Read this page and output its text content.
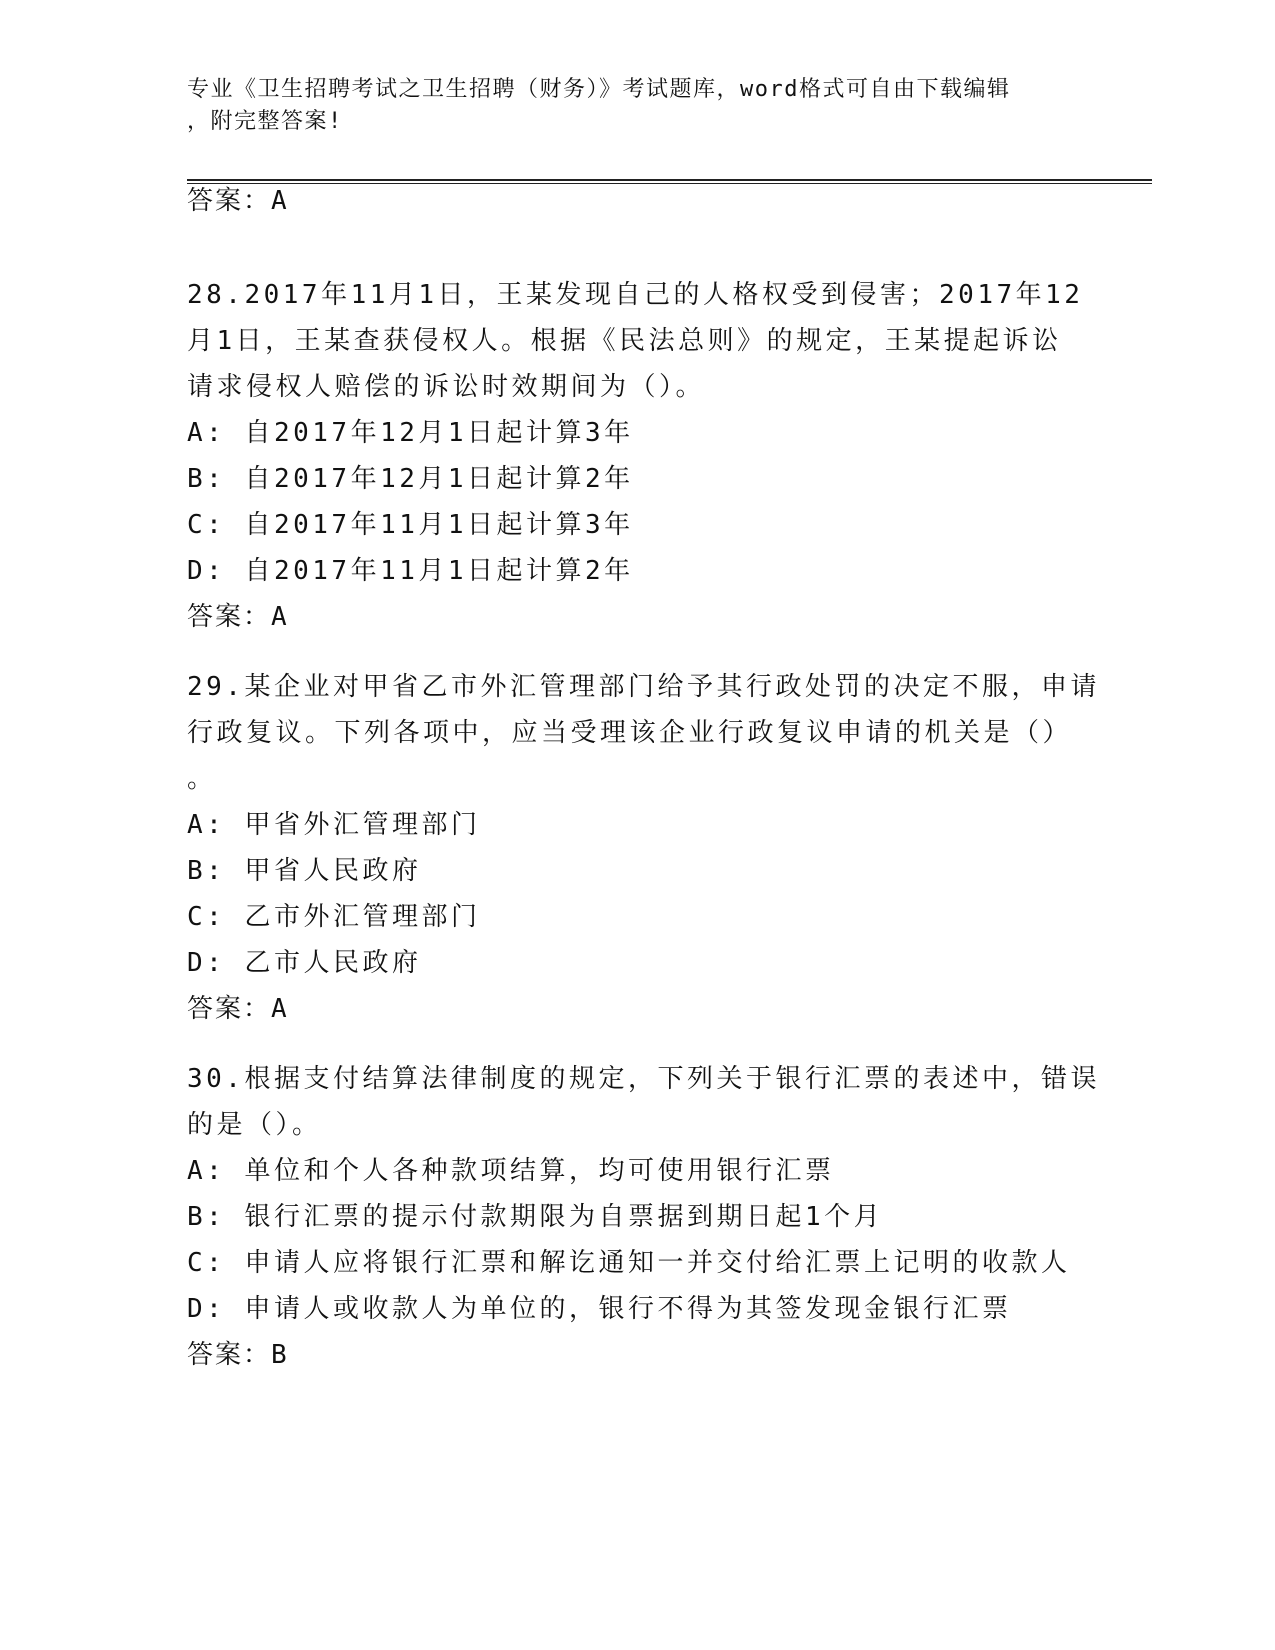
专业《卫生招聘考试之卫生招聘（财务）》考试题库，word格式可自由下载编辑
，附完整答案!
答案：A
28.2017年11月1日，王某发现自己的人格权受到侵害；2017年12
月1日，王某查获侵权人。根据《民法总则》的规定，王某提起诉讼
请求侵权人赔偿的诉讼时效期间为（）。
A: 自2017年12月1日起计算3年
B: 自2017年12月1日起计算2年
C: 自2017年11月1日起计算3年
D: 自2017年11月1日起计算2年
答案：A
29.某企业对甲省乙市外汇管理部门给予其行政处罚的决定不服，申请
行政复议。下列各项中，应当受理该企业行政复议申请的机关是（）
。
A: 甲省外汇管理部门
B: 甲省人民政府
C: 乙市外汇管理部门
D: 乙市人民政府
答案：A
30.根据支付结算法律制度的规定，下列关于银行汇票的表述中，错误
的是（）。
A: 单位和个人各种款项结算，均可使用银行汇票
B: 银行汇票的提示付款期限为自票据到期日起1个月
C: 申请人应将银行汇票和解讫通知一并交付给汇票上记明的收款人
D: 申请人或收款人为单位的，银行不得为其签发现金银行汇票
答案：B
